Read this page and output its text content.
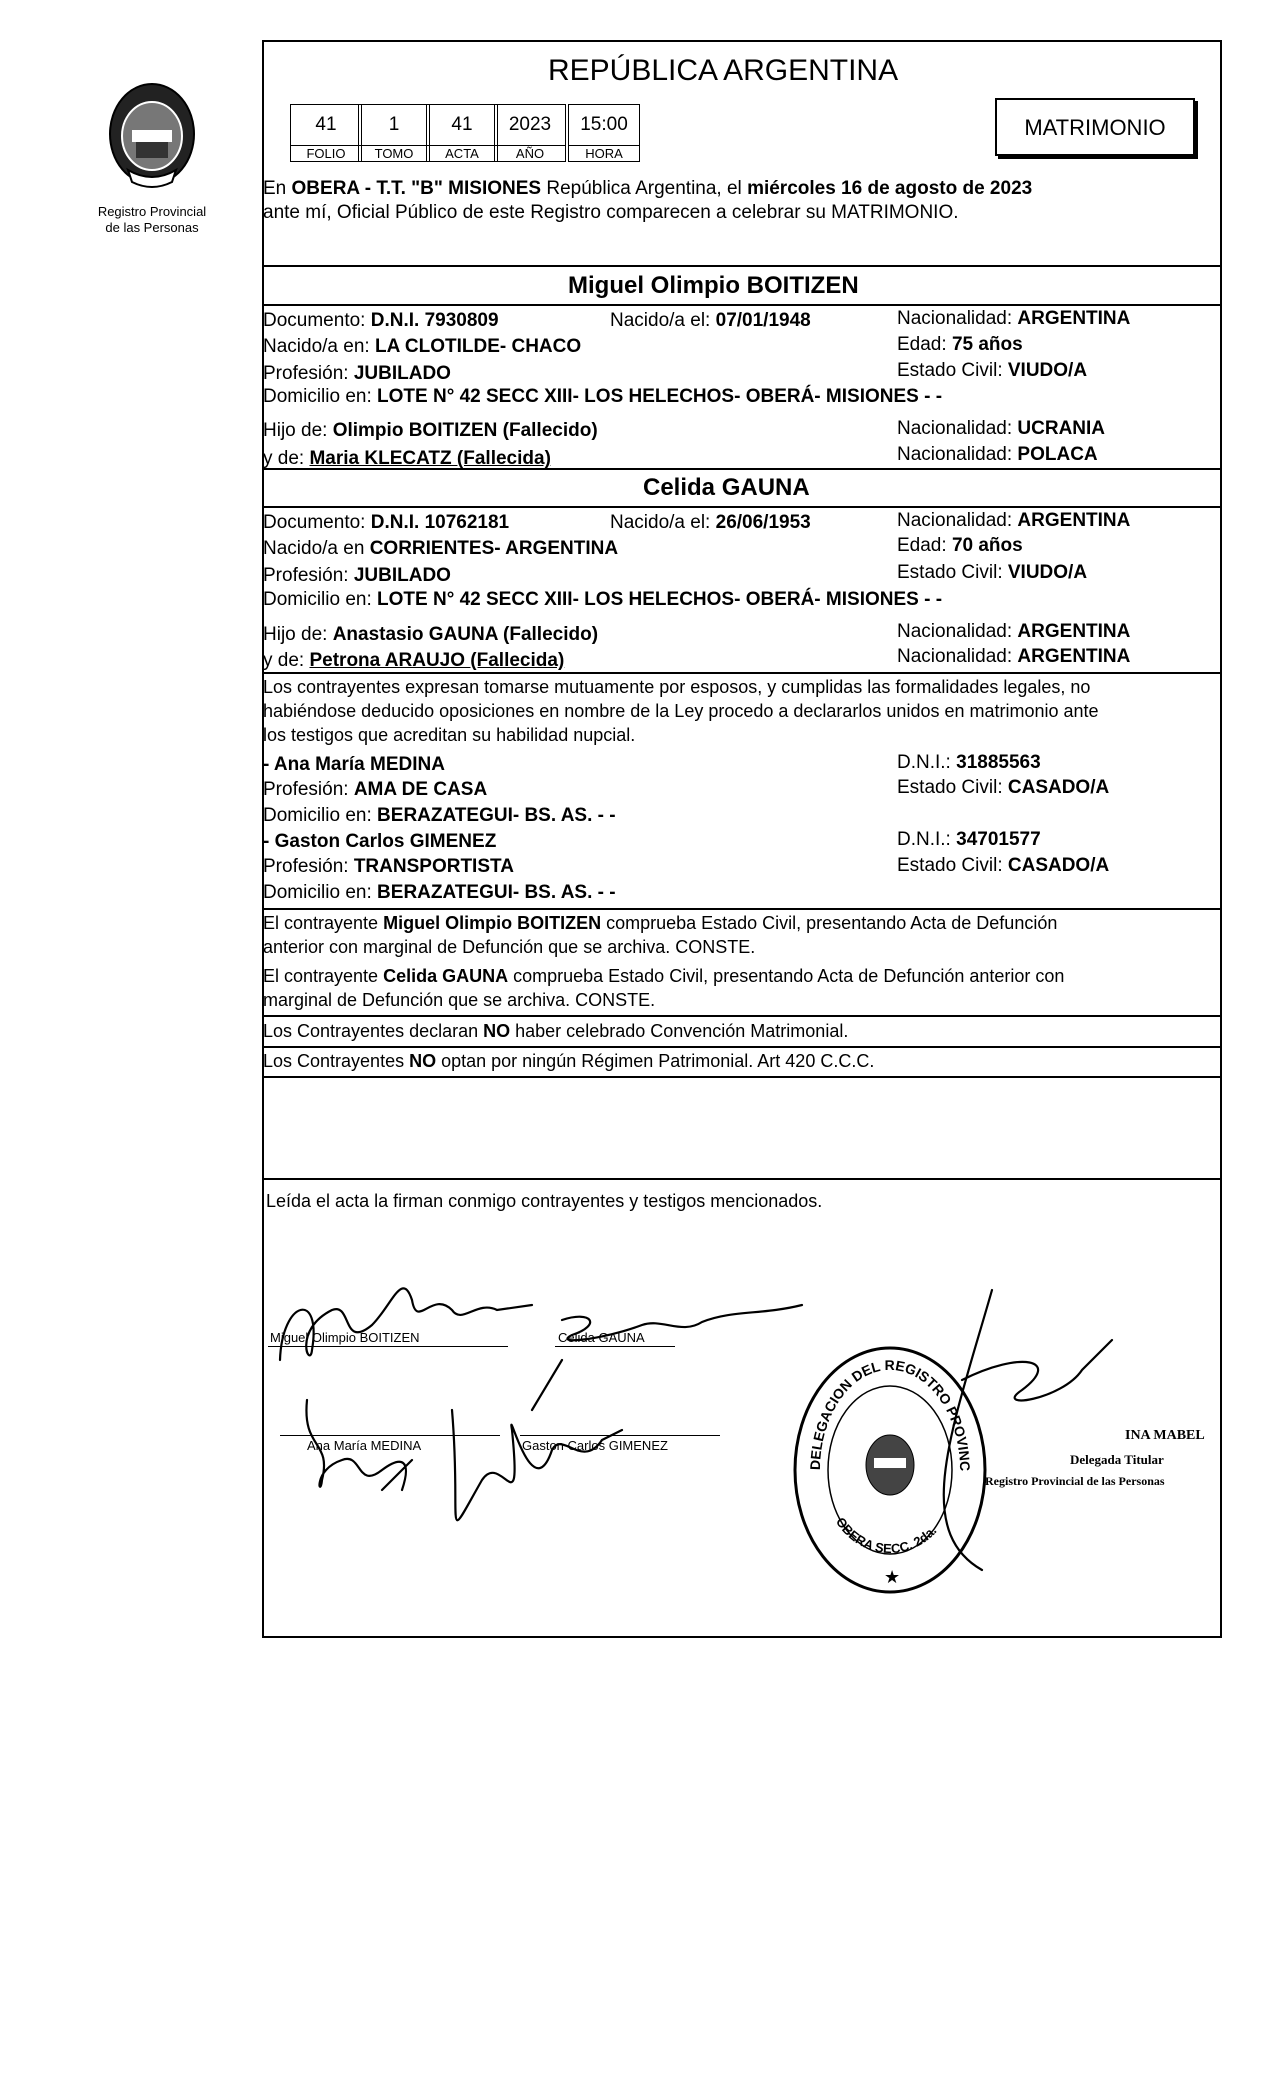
Registro Provincial
de las Personas
REPÚBLICA ARGENTINA
41	1	41	2023	15:00
FOLIO	TOMO	ACTA	AÑO	HORA
MATRIMONIO
En OBERA - T.T. "B" MISIONES República Argentina, el miércoles 16 de agosto de 2023
ante mí, Oficial Público de este Registro comparecen a celebrar su MATRIMONIO.
Miguel Olimpio BOITIZEN
Documento: D.N.I. 7930809	Nacido/a el: 07/01/1948	Nacionalidad: ARGENTINA
Nacido/a en: LA CLOTILDE- CHACO	Edad: 75 años
Profesión: JUBILADO	Estado Civil: VIUDO/A
Domicilio en: LOTE N° 42 SECC XIII- LOS HELECHOS- OBERÁ- MISIONES - -
Hijo de: Olimpio BOITIZEN (Fallecido)	Nacionalidad: UCRANIA
y de: Maria KLECATZ (Fallecida)	Nacionalidad: POLACA
Celida GAUNA
Documento: D.N.I. 10762181	Nacido/a el: 26/06/1953	Nacionalidad: ARGENTINA
Nacido/a en CORRIENTES- ARGENTINA	Edad: 70 años
Profesión: JUBILADO	Estado Civil: VIUDO/A
Domicilio en: LOTE N° 42 SECC XIII- LOS HELECHOS- OBERÁ- MISIONES - -
Hijo de: Anastasio GAUNA (Fallecido)	Nacionalidad: ARGENTINA
y de: Petrona ARAUJO (Fallecida)	Nacionalidad: ARGENTINA
Los contrayentes expresan tomarse mutuamente por esposos, y cumplidas las formalidades legales, no
habiéndose deducido oposiciones en nombre de la Ley procedo a declararlos unidos en matrimonio ante
los testigos que acreditan su habilidad nupcial.
- Ana María MEDINA	D.N.I.: 31885563
Profesión: AMA DE CASA	Estado Civil: CASADO/A
Domicilio en: BERAZATEGUI- BS. AS. - -
- Gaston Carlos GIMENEZ	D.N.I.: 34701577
Profesión: TRANSPORTISTA	Estado Civil: CASADO/A
Domicilio en: BERAZATEGUI- BS. AS. - -
El contrayente Miguel Olimpio BOITIZEN comprueba Estado Civil, presentando Acta de Defunción
anterior con marginal de Defunción que se archiva. CONSTE.
El contrayente Celida GAUNA comprueba Estado Civil, presentando Acta de Defunción anterior con
marginal de Defunción que se archiva. CONSTE.
Los Contrayentes declaran NO haber celebrado Convención Matrimonial.
Los Contrayentes NO optan por ningún Régimen Patrimonial. Art 420 C.C.C.
Leída el acta la firman conmigo contrayentes y testigos mencionados.
Miguel Olimpio BOITIZEN	Celida GAUNA
Ana María MEDINA	Gaston Carlos GIMENEZ
DELEGACION DEL REGISTRO PROVINC
OBERA SECC. 2da.
★
INA MABEL
Delegada Titular
Registro Provincial de las Personas
